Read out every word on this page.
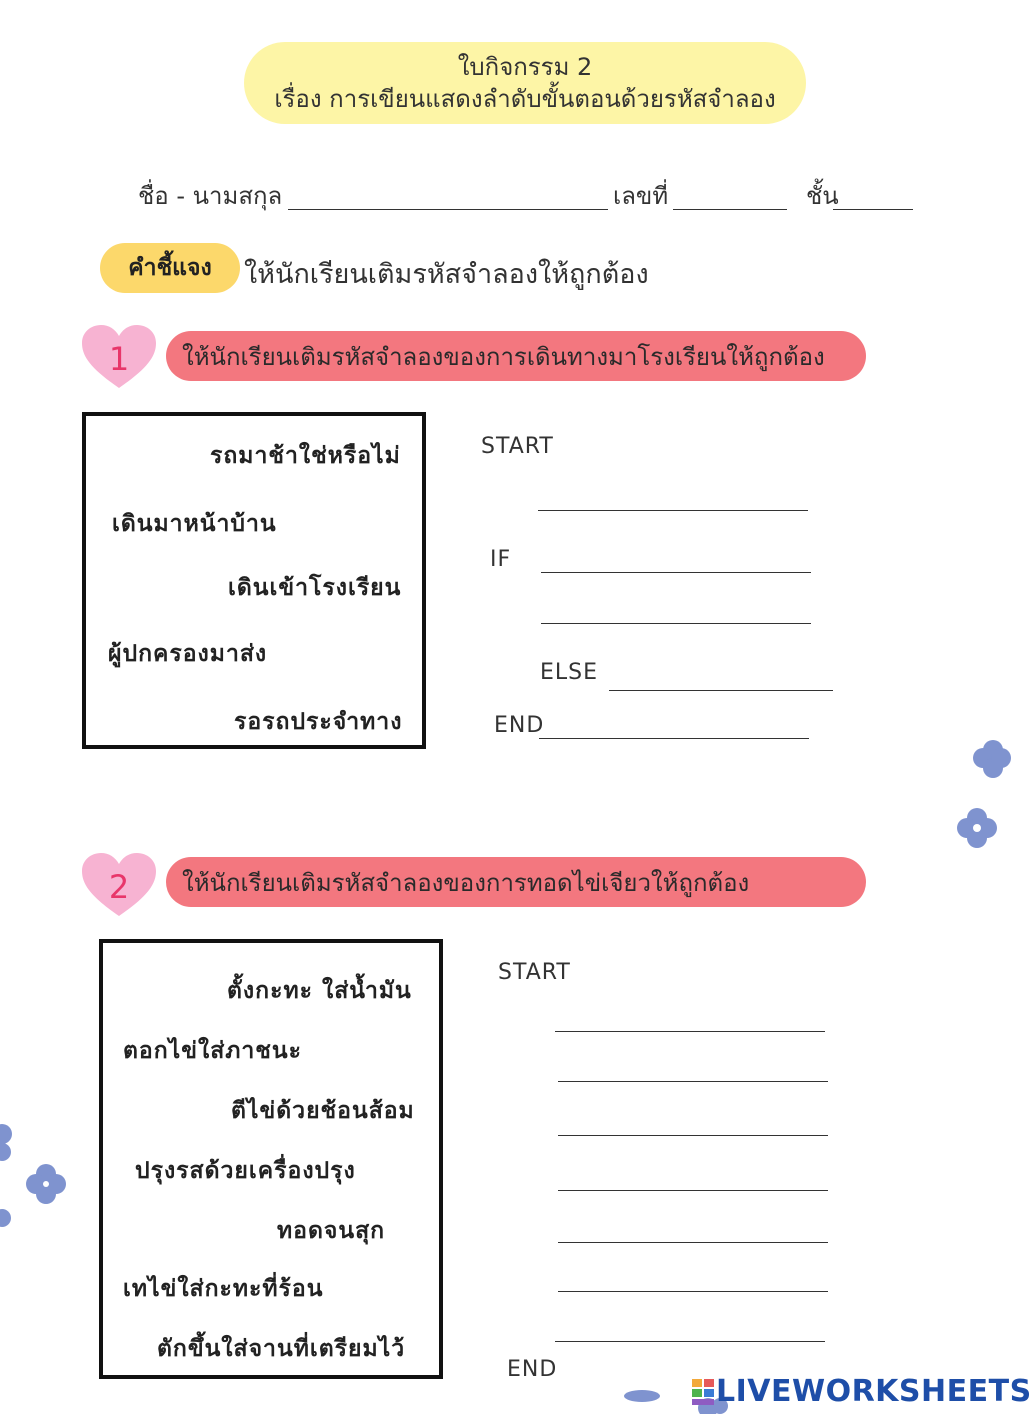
ใบกิจกรรม 2
เรื่อง การเขียนแสดงลำดับขั้นตอนด้วยรหัสจำลอง
ชื่อ - นามสกุล	เลขที่	ชั้น
คำชี้แจง	ให้นักเรียนเติมรหัสจำลองให้ถูกต้อง
1	ให้นักเรียนเติมรหัสจำลองของการเดินทางมาโรงเรียนให้ถูกต้อง
รถมาช้าใช่หรือไม่
เดินมาหน้าบ้าน
เดินเข้าโรงเรียน
ผู้ปกครองมาส่ง
รอรถประจำทาง
START
IF
ELSE
END
2	ให้นักเรียนเติมรหัสจำลองของการทอดไข่เจียวให้ถูกต้อง
ตั้งกะทะ ใส่น้ำมัน
ตอกไข่ใส่ภาชนะ
ตีไข่ด้วยช้อนส้อม
ปรุงรสด้วยเครื่องปรุง
ทอดจนสุก
เทไข่ใส่กะทะที่ร้อน
ตักขึ้นใส่จานที่เตรียมไว้
START
END
LIVEWORKSHEETS
